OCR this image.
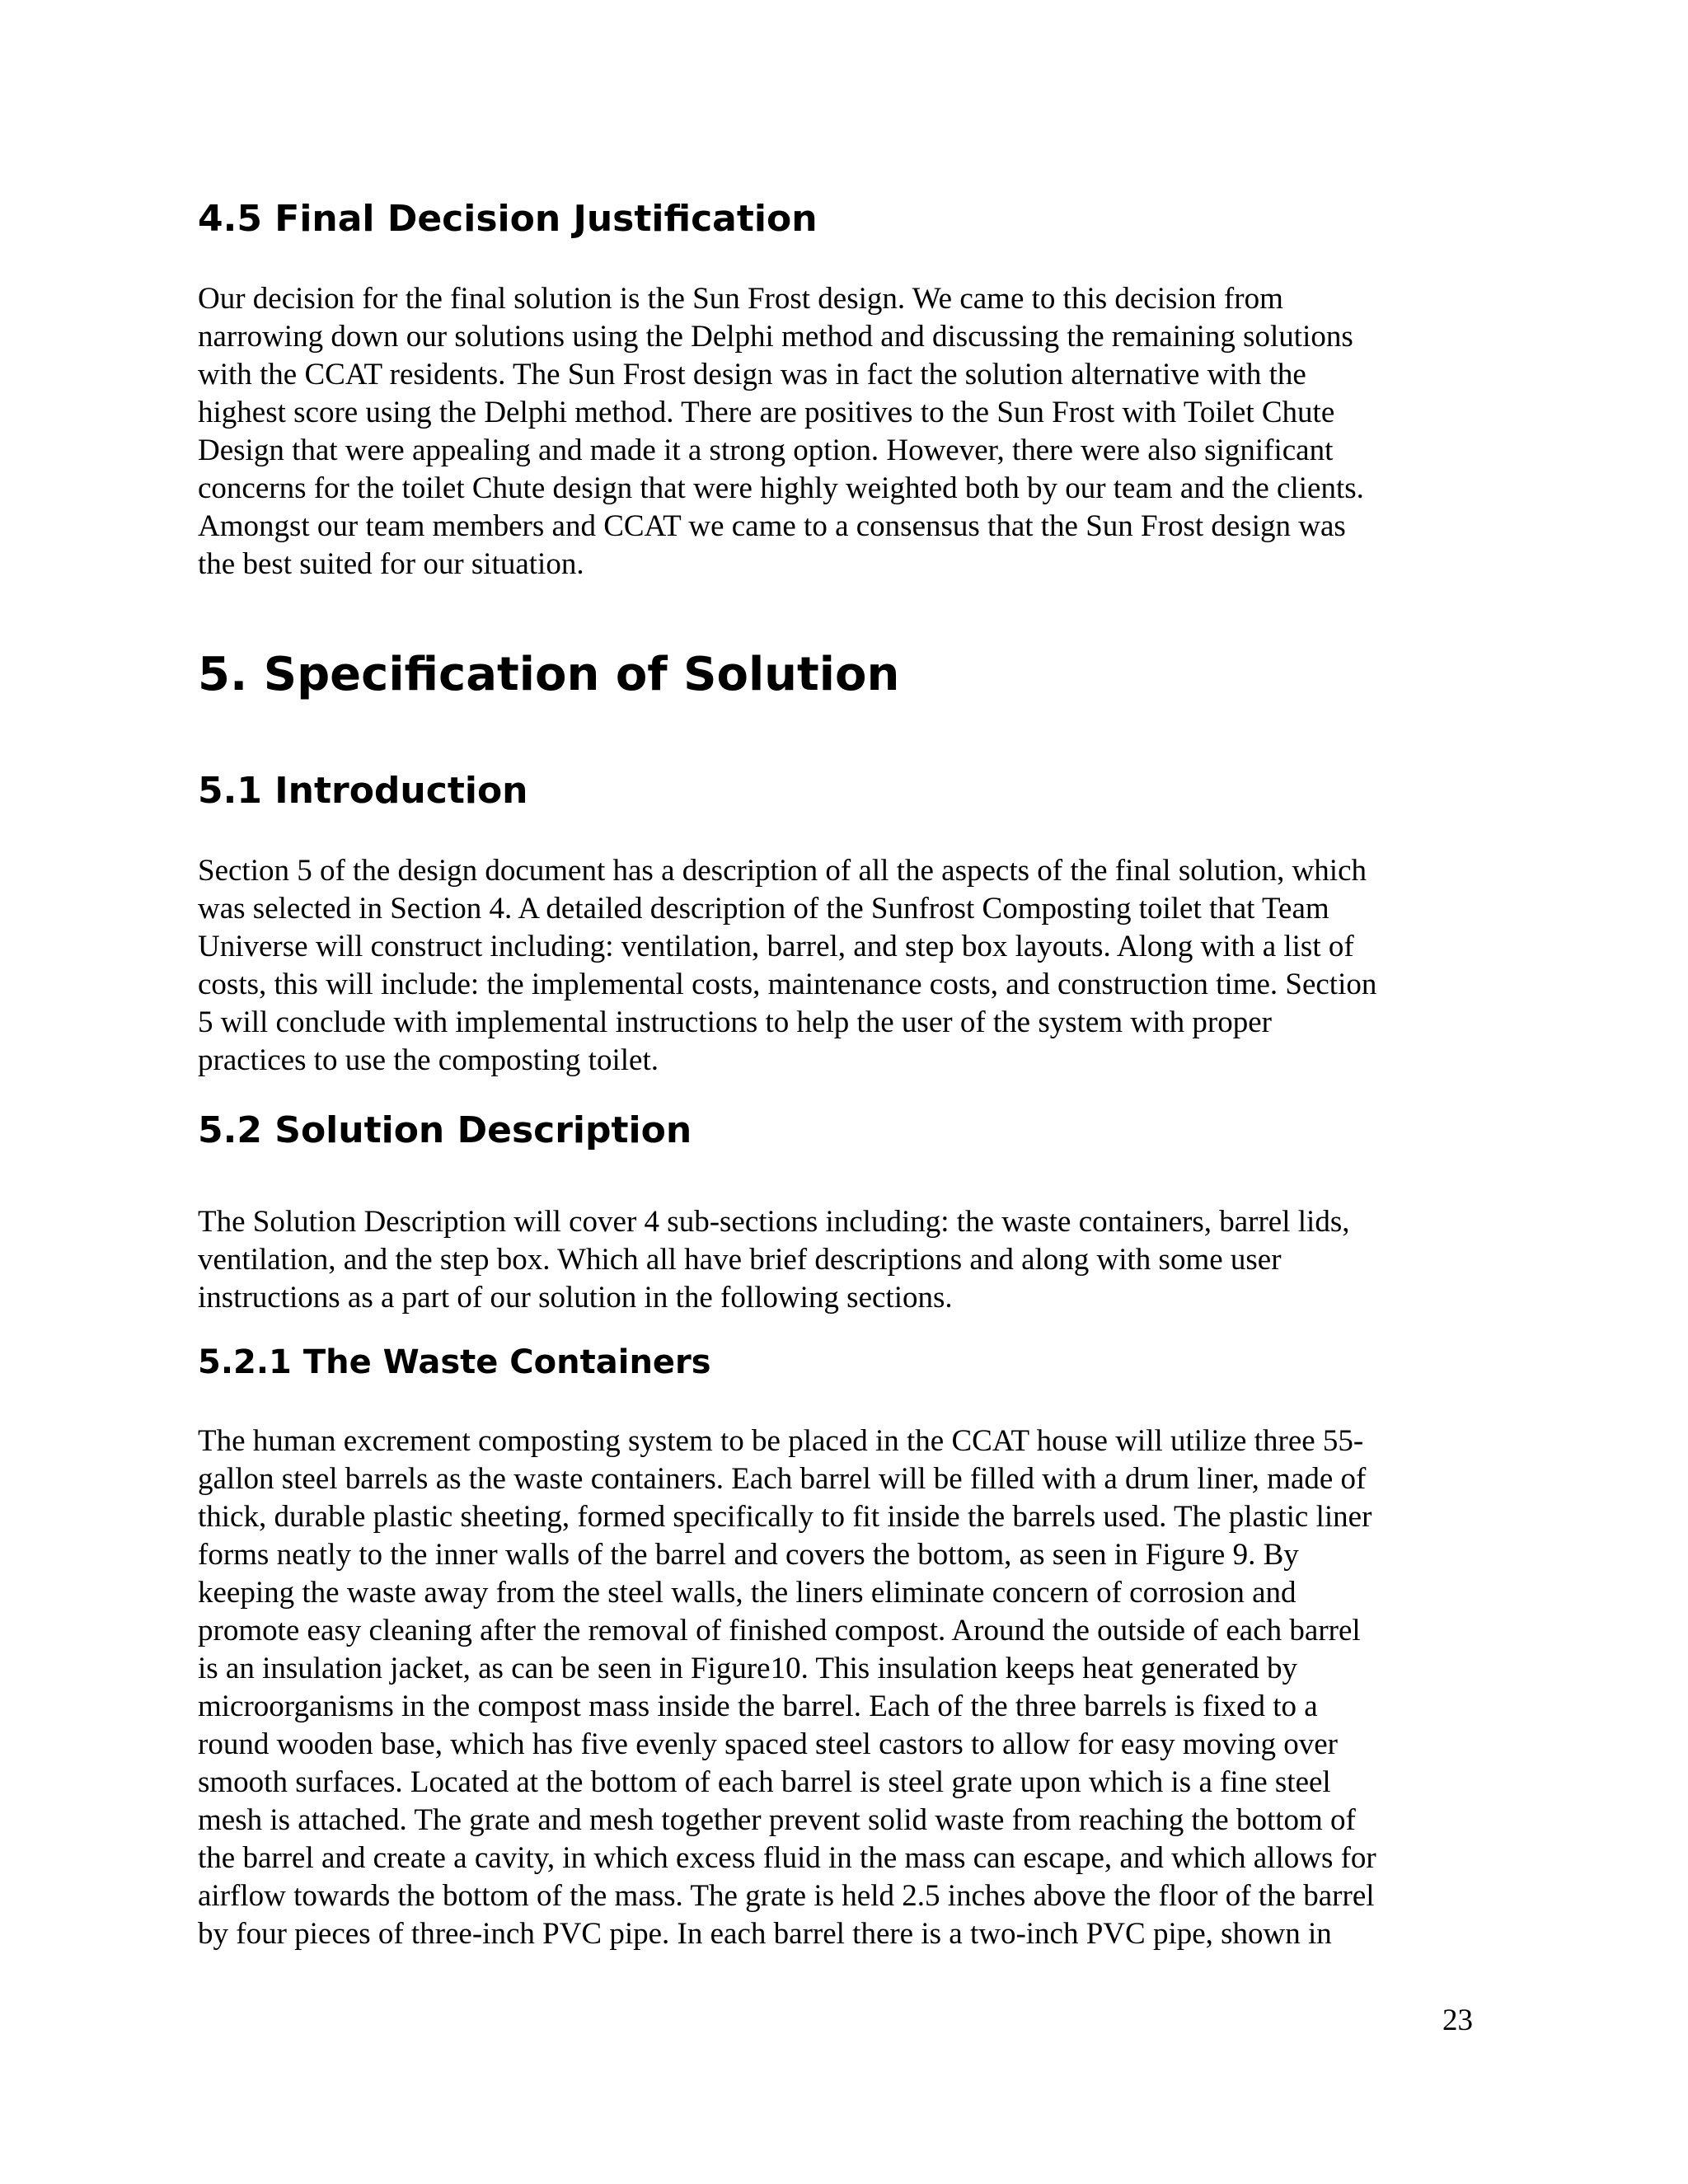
4.5 Final Decision Justification
Our decision for the final solution is the Sun Frost design. We came to this decision from
narrowing down our solutions using the Delphi method and discussing the remaining solutions
with the CCAT residents. The Sun Frost design was in fact the solution alternative with the
highest score using the Delphi method. There are positives to the Sun Frost with Toilet Chute
Design that were appealing and made it a strong option. However, there were also significant
concerns for the toilet Chute design that were highly weighted both by our team and the clients.
Amongst our team members and CCAT we came to a consensus that the Sun Frost design was
the best suited for our situation.
5. Specification of Solution
5.1 Introduction
Section 5 of the design document has a description of all the aspects of the final solution, which
was selected in Section 4. A detailed description of the Sunfrost Composting toilet that Team
Universe will construct including: ventilation, barrel, and step box layouts. Along with a list of
costs, this will include: the implemental costs, maintenance costs, and construction time. Section
5 will conclude with implemental instructions to help the user of the system with proper
practices to use the composting toilet.
5.2 Solution Description
The Solution Description will cover 4 sub-sections including: the waste containers, barrel lids,
ventilation, and the step box. Which all have brief descriptions and along with some user
instructions as a part of our solution in the following sections.
5.2.1 The Waste Containers
The human excrement composting system to be placed in the CCAT house will utilize three 55-
gallon steel barrels as the waste containers. Each barrel will be filled with a drum liner, made of
thick, durable plastic sheeting, formed specifically to fit inside the barrels used. The plastic liner
forms neatly to the inner walls of the barrel and covers the bottom, as seen in Figure 9. By
keeping the waste away from the steel walls, the liners eliminate concern of corrosion and
promote easy cleaning after the removal of finished compost. Around the outside of each barrel
is an insulation jacket, as can be seen in Figure10. This insulation keeps heat generated by
microorganisms in the compost mass inside the barrel. Each of the three barrels is fixed to a
round wooden base, which has five evenly spaced steel castors to allow for easy moving over
smooth surfaces. Located at the bottom of each barrel is steel grate upon which is a fine steel
mesh is attached. The grate and mesh together prevent solid waste from reaching the bottom of
the barrel and create a cavity, in which excess fluid in the mass can escape, and which allows for
airflow towards the bottom of the mass. The grate is held 2.5 inches above the floor of the barrel
by four pieces of three-inch PVC pipe. In each barrel there is a two-inch PVC pipe, shown in
23
